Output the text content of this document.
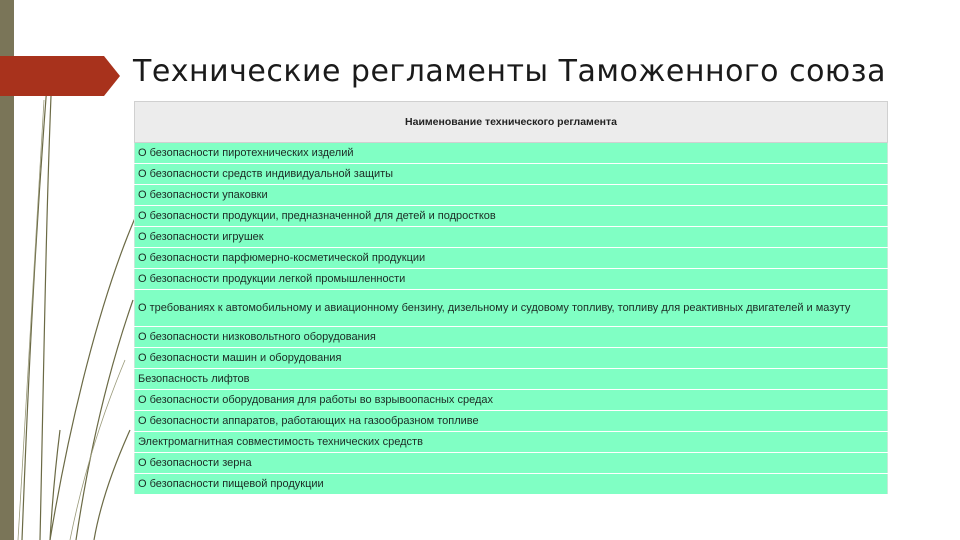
Технические регламенты Таможенного союза
Наименование технического регламента
О безопасности пиротехнических изделий
О безопасности средств индивидуальной защиты
О безопасности упаковки
О безопасности продукции, предназначенной для детей и подростков
О безопасности игрушек
О безопасности парфюмерно-косметической продукции
О безопасности продукции легкой промышленности
О требованиях к автомобильному и авиационному бензину, дизельному и судовому топливу, топливу для реактивных двигателей и мазуту
О безопасности низковольтного оборудования
О безопасности машин и оборудования
Безопасность лифтов
О безопасности оборудования для работы во взрывоопасных средах
О безопасности аппаратов, работающих на газообразном топливе
Электромагнитная совместимость технических средств
О безопасности зерна
О безопасности пищевой продукции
